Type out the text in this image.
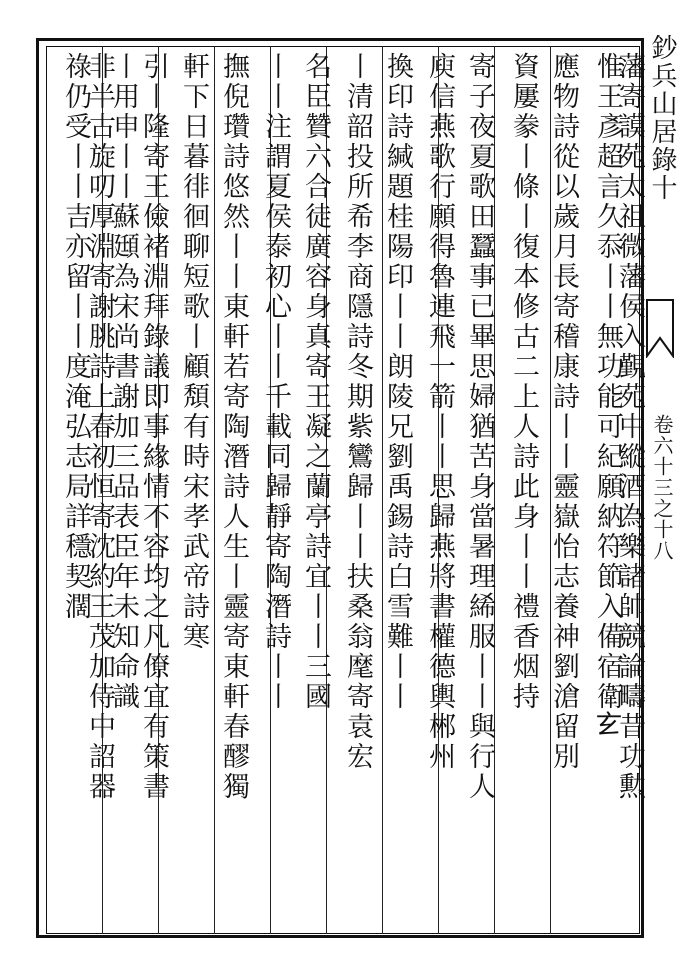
鈔兵山居錄十
卷六十三之十八
藩寄謨苑太祖微藩侯入覲苑中縱酒為樂諸帥競論疇昔功勲
惟王彥超言久忝丨丨無功能可紀願納符節入備宿衛𤣥
應物詩從以歲月長寄稽康詩丨丨靈嶽怡志養神劉滄留別
資屢豢丨條丨復本修古二上人詩此身丨丨禮香烟持
寄子夜夏歌田蠶事已畢思婦猶苦身當暑理絺服丨丨與行人
庾信燕歌行願得魯連飛一箭丨丨思歸燕將書權德輿郴州
換印詩緘題桂陽印丨丨朗陵兄劉禹錫詩白雪難丨丨
丨清韶投所希李商隱詩冬期紫鸞歸丨丨扶桑翁麾寄袁宏
名臣贊六合徒廣容身真寄王凝之蘭亭詩宜丨丨三國
丨丨注謂夏侯泰初心丨丨千載同歸靜寄陶潛詩丨丨
撫倪瓚詩悠然丨丨東軒若寄陶潛詩人生丨靈寄東軒春醪獨
軒下日暮徘徊聊短歌丨顧頽有時宋孝武帝詩寒
引丨隆寄王儉褚淵拜錄議即事緣情不容均之凡僚宜有策書
丨用申丨丨蘇頲為宋尚書謝加三品表臣年未知命識
非半古旋叨厚淵寄謝朓詩上春初恒寄沈約王茂加侍中詔器
祿仍受丨丨吉亦留丨丨度淹弘志局詳穩契濶
